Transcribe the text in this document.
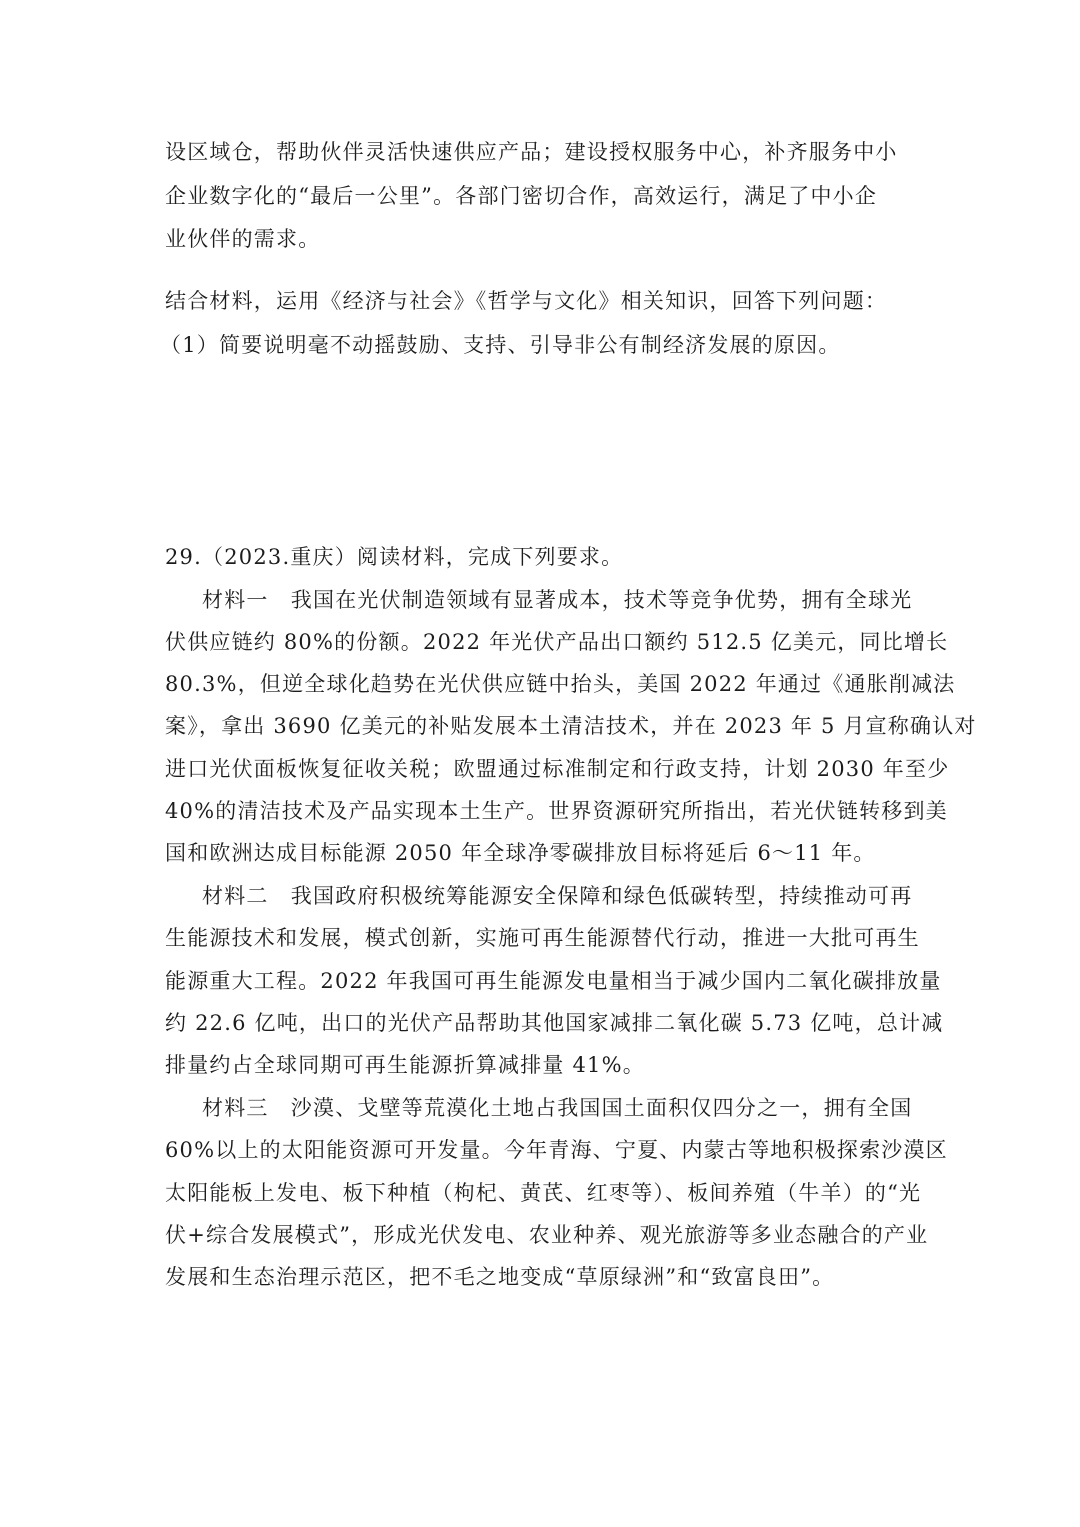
设区域仓，帮助伙伴灵活快速供应产品；建设授权服务中心，补齐服务中小
企业数字化的“最后一公里”。各部门密切合作，高效运行，满足了中小企
业伙伴的需求。
结合材料，运用《经济与社会》《哲学与文化》相关知识，回答下列问题：
（1）简要说明毫不动摇鼓励、支持、引导非公有制经济发展的原因。
29.（2023.重庆）阅读材料，完成下列要求。
材料一　我国在光伏制造领域有显著成本，技术等竞争优势，拥有全球光
伏供应链约 80%的份额。2022 年光伏产品出口额约 512.5 亿美元，同比增长
80.3%，但逆全球化趋势在光伏供应链中抬头，美国 2022 年通过《通胀削减法
案》，拿出 3690 亿美元的补贴发展本土清洁技术，并在 2023 年 5 月宣称确认对
进口光伏面板恢复征收关税；欧盟通过标准制定和行政支持，计划 2030 年至少
40%的清洁技术及产品实现本土生产。世界资源研究所指出，若光伏链转移到美
国和欧洲达成目标能源 2050 年全球净零碳排放目标将延后 6～11 年。
材料二　我国政府积极统筹能源安全保障和绿色低碳转型，持续推动可再
生能源技术和发展，模式创新，实施可再生能源替代行动，推进一大批可再生
能源重大工程。2022 年我国可再生能源发电量相当于减少国内二氧化碳排放量
约 22.6 亿吨，出口的光伏产品帮助其他国家减排二氧化碳 5.73 亿吨，总计减
排量约占全球同期可再生能源折算减排量 41%。
材料三　沙漠、戈壁等荒漠化土地占我国国土面积仅四分之一，拥有全国
60%以上的太阳能资源可开发量。今年青海、宁夏、内蒙古等地积极探索沙漠区
太阳能板上发电、板下种植（枸杞、黄芪、红枣等）、板间养殖（牛羊）的“光
伏+综合发展模式”，形成光伏发电、农业种养、观光旅游等多业态融合的产业
发展和生态治理示范区，把不毛之地变成“草原绿洲”和“致富良田”。
